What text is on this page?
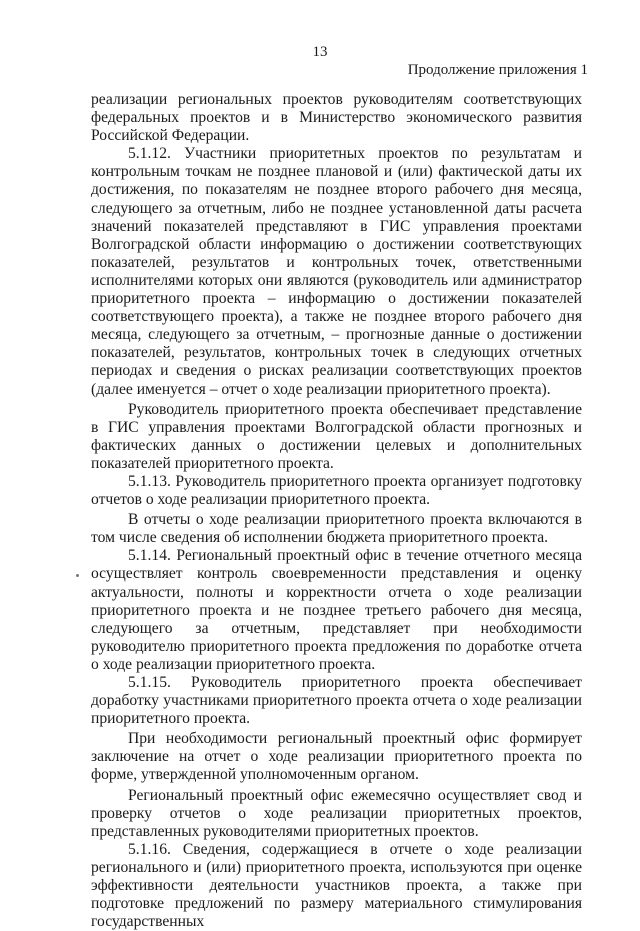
13
Продолжение приложения 1

реализации региональных проектов руководителям соответствующих федеральных проектов и в Министерство экономического развития Российской Федерации.

5.1.12. Участники приоритетных проектов по результатам и контрольным точкам не позднее плановой и (или) фактической даты их достижения, по показателям не позднее второго рабочего дня месяца, следующего за отчетным, либо не позднее установленной даты расчета значений показателей представляют в ГИС управления проектами Волгоградской области информацию о достижении соответствующих показателей, результатов и контрольных точек, ответственными исполнителями которых они являются (руководитель или администратор приоритетного проекта – информацию о достижении показателей соответствующего проекта), а также не позднее второго рабочего дня месяца, следующего за отчетным, – прогнозные данные о достижении показателей, результатов, контрольных точек в следующих отчетных периодах и сведения о рисках реализации соответствующих проектов (далее именуется – отчет о ходе реализации приоритетного проекта).

Руководитель приоритетного проекта обеспечивает представление в ГИС управления проектами Волгоградской области прогнозных и фактических данных о достижении целевых и дополнительных показателей приоритетного проекта.

5.1.13. Руководитель приоритетного проекта организует подготовку отчетов о ходе реализации приоритетного проекта.

В отчеты о ходе реализации приоритетного проекта включаются в том числе сведения об исполнении бюджета приоритетного проекта.

5.1.14. Региональный проектный офис в течение отчетного месяца осуществляет контроль своевременности представления и оценку актуальности, полноты и корректности отчета о ходе реализации приоритетного проекта и не позднее третьего рабочего дня месяца, следующего за отчетным, представляет при необходимости руководителю приоритетного проекта предложения по доработке отчета о ходе реализации приоритетного проекта.

5.1.15. Руководитель приоритетного проекта обеспечивает доработку участниками приоритетного проекта отчета о ходе реализации приоритетного проекта.

При необходимости региональный проектный офис формирует заключение на отчет о ходе реализации приоритетного проекта по форме, утвержденной уполномоченным органом.

Региональный проектный офис ежемесячно осуществляет свод и проверку отчетов о ходе реализации приоритетных проектов, представленных руководителями приоритетных проектов.

5.1.16. Сведения, содержащиеся в отчете о ходе реализации регионального и (или) приоритетного проекта, используются при оценке эффективности деятельности участников проекта, а также при подготовке предложений по размеру материального стимулирования государственных
